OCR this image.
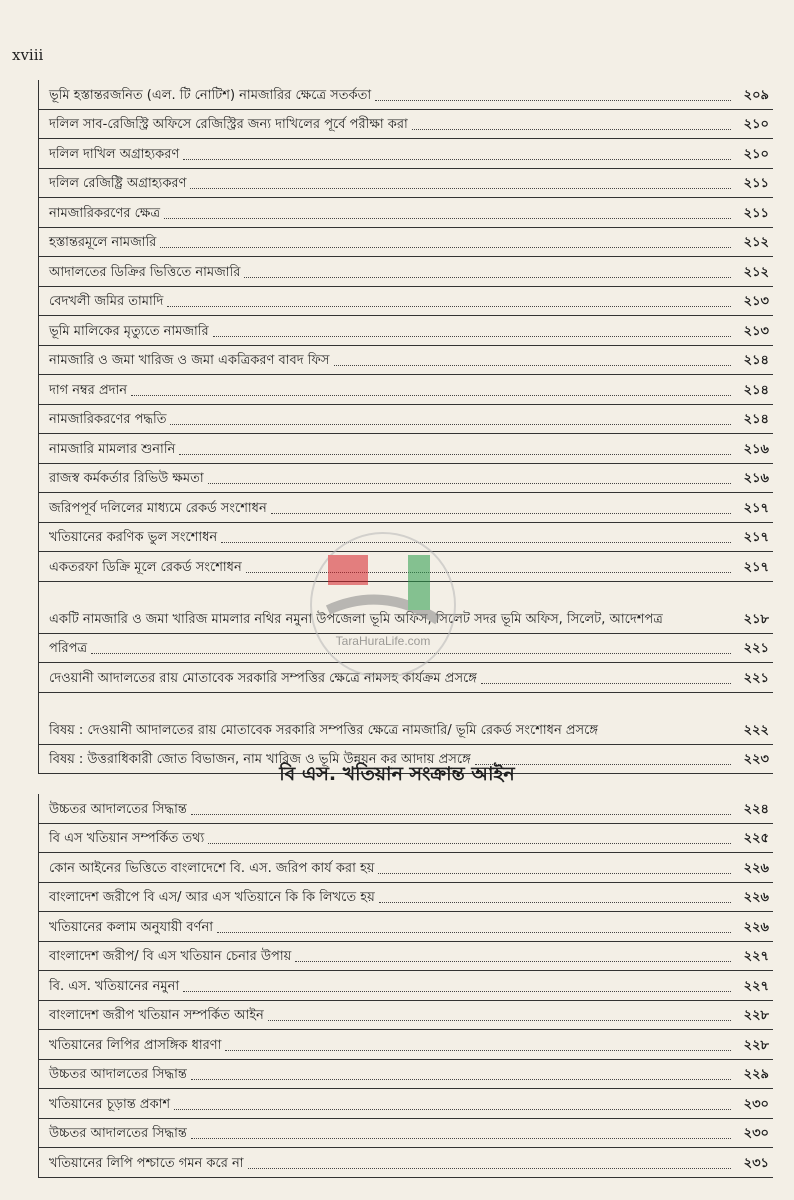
xviii
ভূমি হস্তান্তরজনিত (এল. টি নোটিশ) নামজারির ক্ষেত্রে সতর্কতা	২০৯
দলিল সাব-রেজিস্ট্রি অফিসে রেজিস্ট্রির জন্য দাখিলের পূর্বে পরীক্ষা করা	২১০
দলিল দাখিল অগ্রাহ্যকরণ	২১০
দলিল রেজিষ্ট্রি অগ্রাহ্যকরণ	২১১
নামজারিকরণের ক্ষেত্র	২১১
হস্তান্তরমূলে নামজারি	২১২
আদালতের ডিক্রির ভিত্তিতে নামজারি	২১২
বেদখলী জমির তামাদি	২১৩
ভূমি মালিকের মৃত্যুতে নামজারি	২১৩
নামজারি ও জমা খারিজ ও জমা একত্রিকরণ বাবদ ফিস	২১৪
দাগ নম্বর প্রদান	২১৪
নামজারিকরণের পদ্ধতি	২১৪
নামজারি মামলার শুনানি	২১৬
রাজস্ব কর্মকর্তার রিভিউ ক্ষমতা	২১৬
জরিপপূর্ব দলিলের মাধ্যমে রেকর্ড সংশোধন	২১৭
খতিয়ানের করণিক ভুল সংশোধন	২১৭
একতরফা ডিক্রি মূলে রেকর্ড সংশোধন	২১৭
একটি নামজারি ও জমা খারিজ মামলার নথির নমুনা উপজেলা ভূমি অফিস, সিলেট সদর ভূমি অফিস, সিলেট, আদেশপত্র	২১৮
পরিপত্র	২২১
দেওয়ানী আদালতের রায় মোতাবেক সরকারি সম্পত্তির ক্ষেত্রে নামসহ কার্যক্রম প্রসঙ্গে	২২১
বিষয় : দেওয়ানী আদালতের রায় মোতাবেক সরকারি সম্পত্তির ক্ষেত্রে নামজারি/ ভূমি রেকর্ড সংশোধন প্রসঙ্গে	২২২
বিষয় : উত্তরাধিকারী জোত বিভাজন, নাম খারিজ ও ভূমি উন্নয়ন কর আদায় প্রসঙ্গে	২২৩
বি এস. খতিয়ান সংক্রান্ত আইন
উচ্চতর আদালতের সিদ্ধান্ত	২২৪
বি এস খতিয়ান সম্পর্কিত তথ্য	২২৫
কোন আইনের ভিত্তিতে বাংলাদেশে বি. এস. জরিপ কার্য করা হয়	২২৬
বাংলাদেশ জরীপে বি এস/ আর এস খতিয়ানে কি কি লিখতে হয়	২২৬
খতিয়ানের কলাম অনুযায়ী বর্ণনা	২২৬
বাংলাদেশ জরীপ/ বি এস খতিয়ান চেনার উপায়	২২৭
বি. এস. খতিয়ানের নমুনা	২২৭
বাংলাদেশ জরীপ খতিয়ান সম্পর্কিত আইন	২২৮
খতিয়ানের লিপির প্রাসঙ্গিক ধারণা	২২৮
উচ্চতর আদালতের সিদ্ধান্ত	২২৯
খতিয়ানের চূড়ান্ত প্রকাশ	২৩০
উচ্চতর আদালতের সিদ্ধান্ত	২৩০
খতিয়ানের লিপি পশ্চাতে গমন করে না	২৩১
TaraHuraLife.com
